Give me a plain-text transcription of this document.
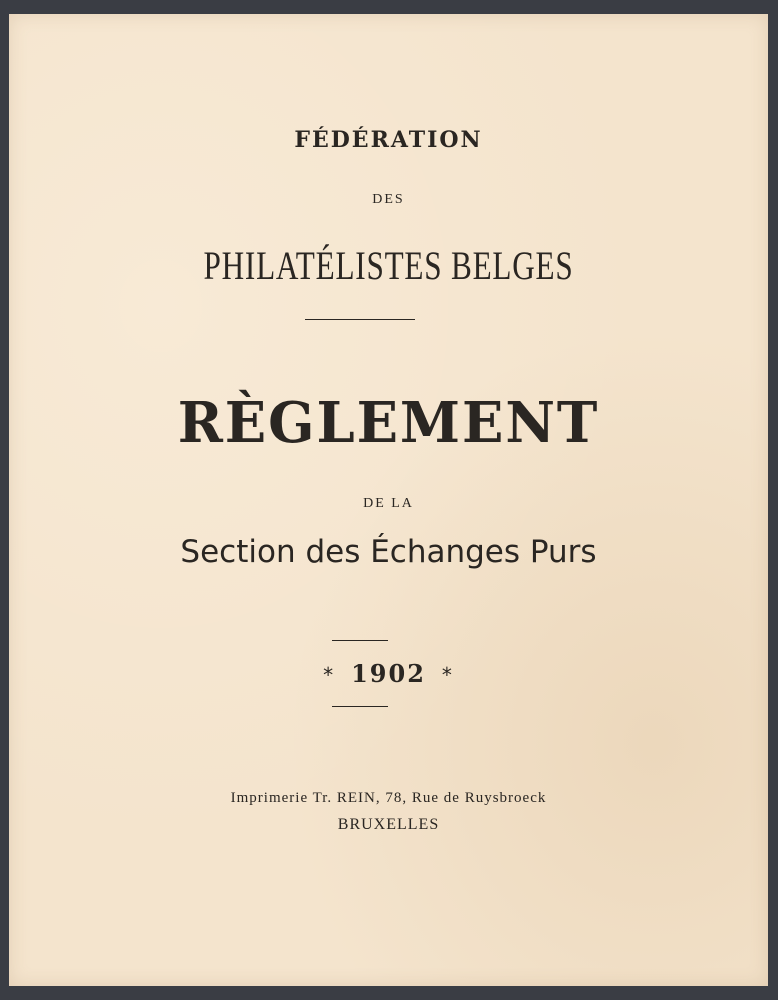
FÉDÉRATION
DES
PHILATÉLISTES BELGES
RÈGLEMENT
DE LA
Section des Échanges Purs
* 1902 *
Imprimerie Tr. REIN, 78, Rue de Ruysbroeck
BRUXELLES
